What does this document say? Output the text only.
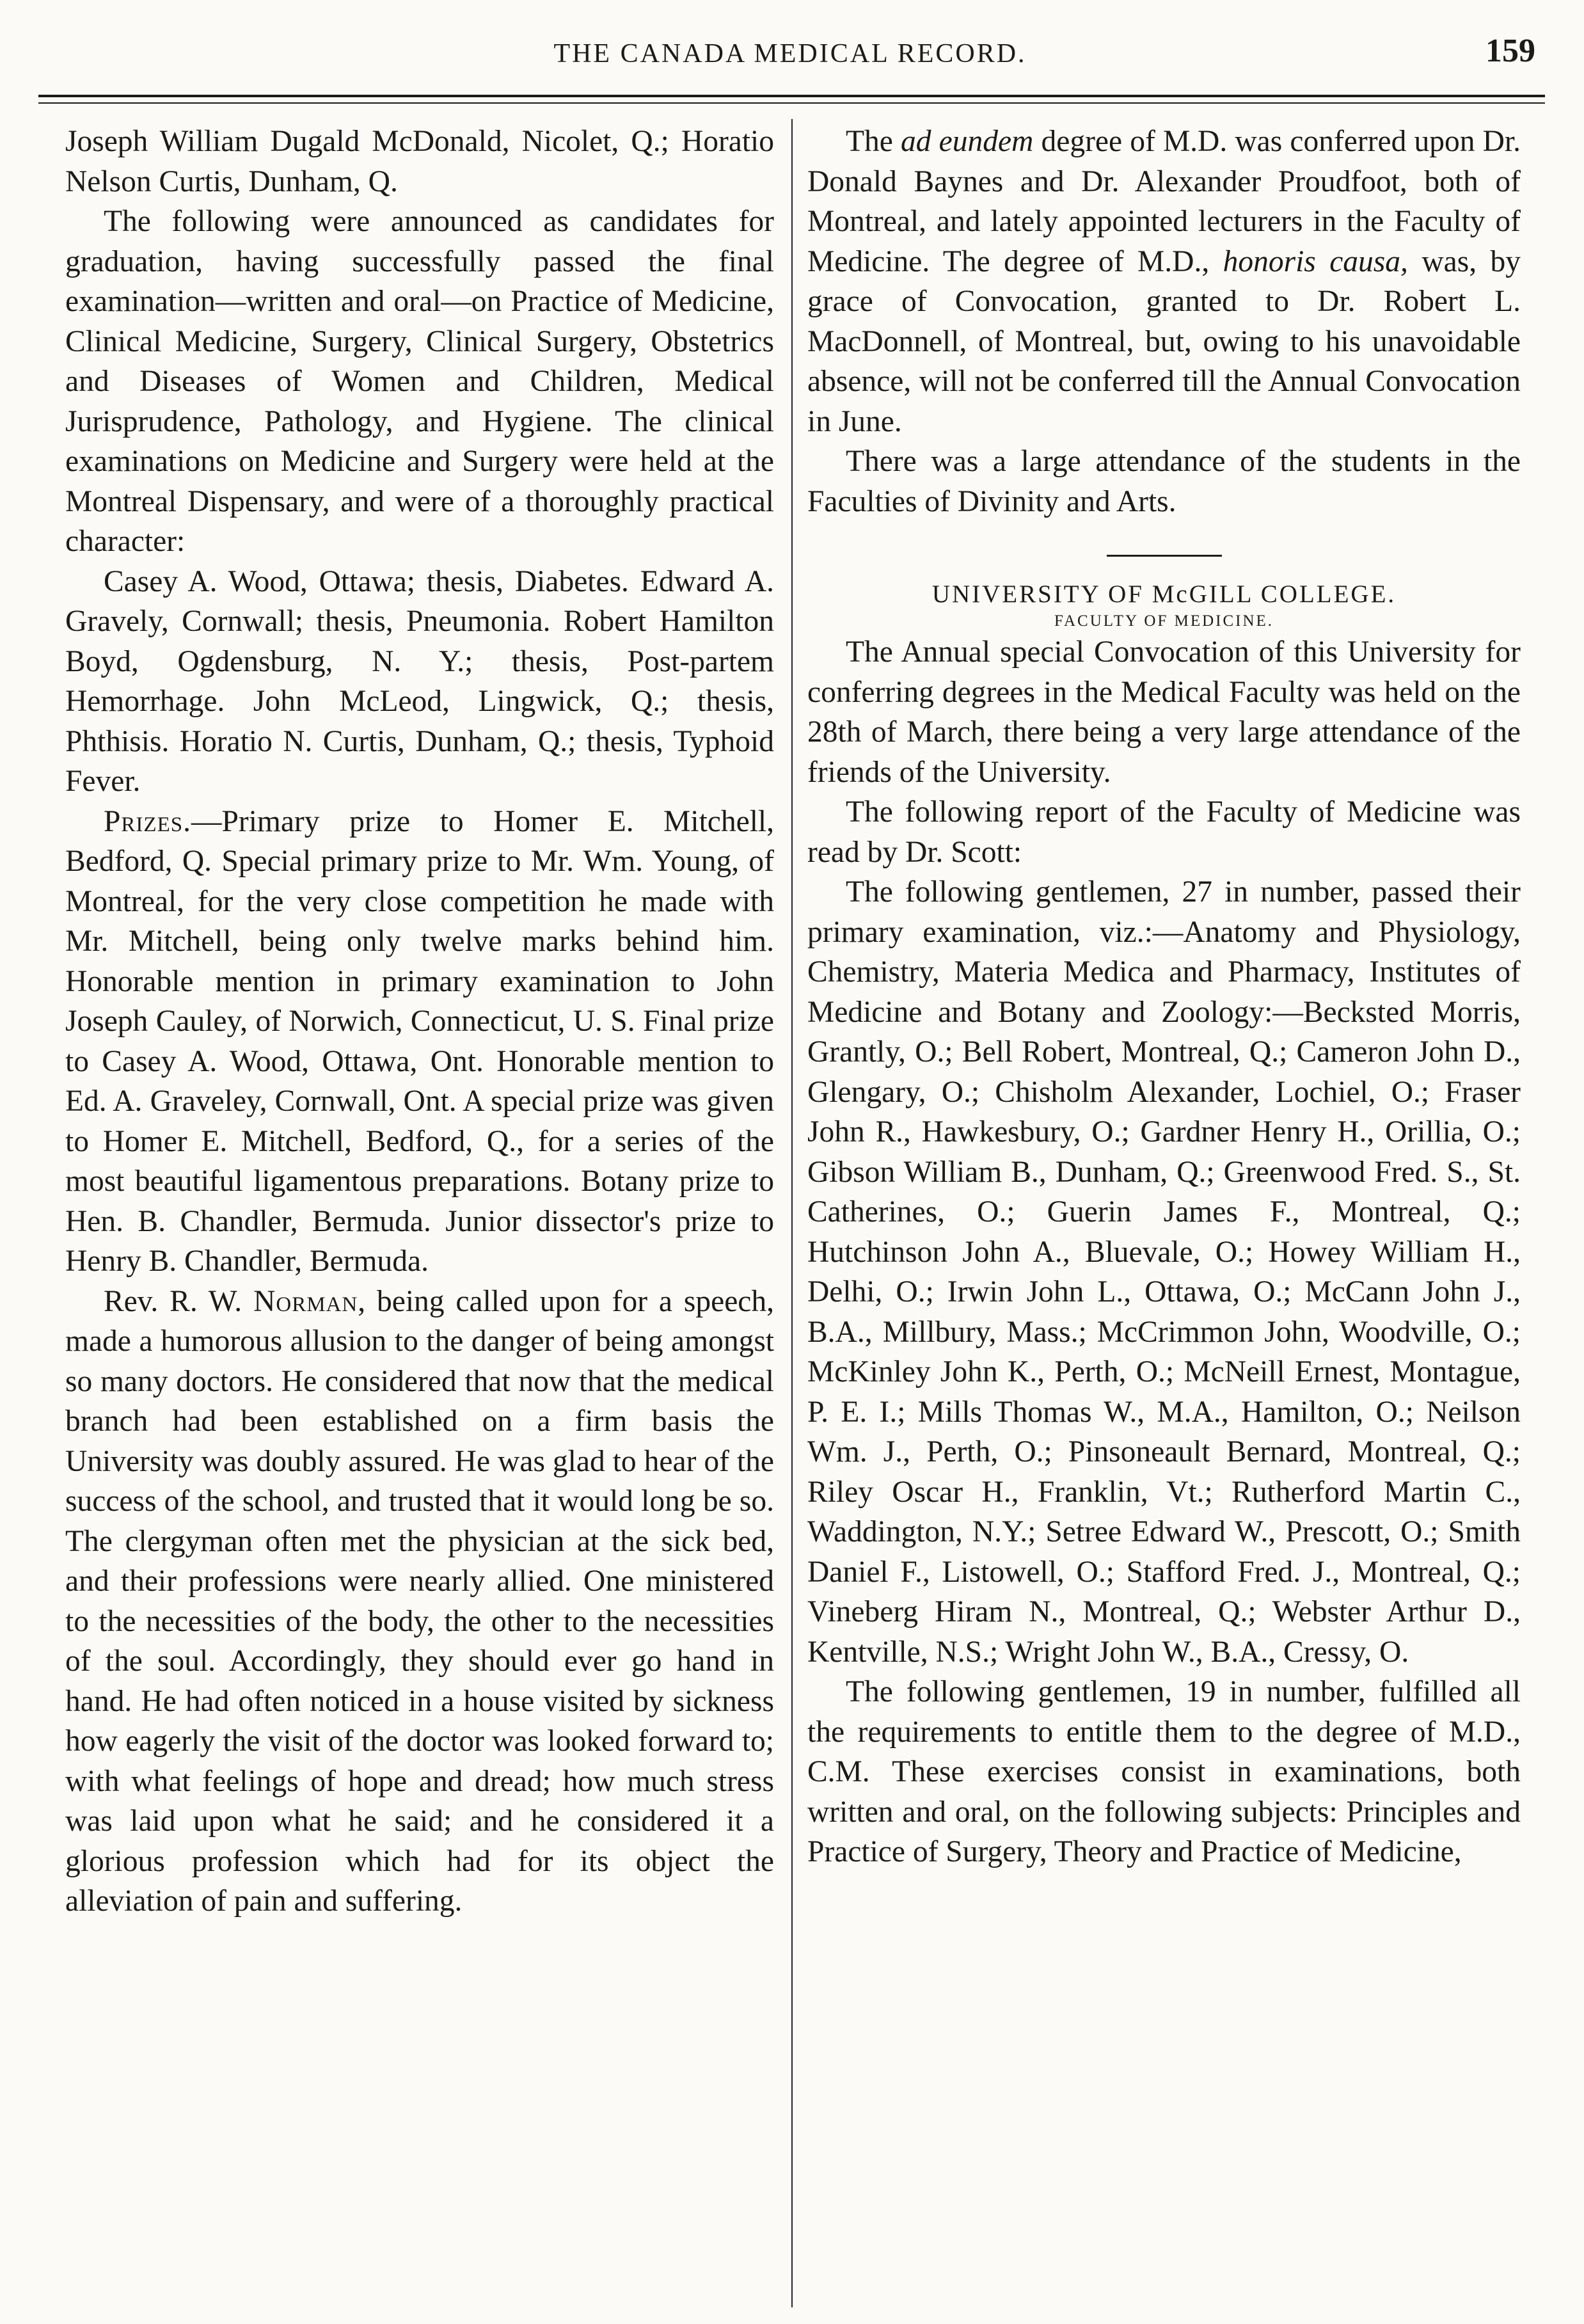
THE CANADA MEDICAL RECORD.	159

Joseph William Dugald McDonald, Nicolet, Q.; Horatio Nelson Curtis, Dunham, Q.

The following were announced as candidates for graduation, having successfully passed the final examination—written and oral—on Practice of Medicine, Clinical Medicine, Surgery, Clinical Surgery, Obstetrics and Diseases of Women and Children, Medical Jurisprudence, Pathology, and Hygiene. The clinical examinations on Medicine and Surgery were held at the Montreal Dispensary, and were of a thoroughly practical character:

Casey A. Wood, Ottawa; thesis, Diabetes. Edward A. Gravely, Cornwall; thesis, Pneumonia. Robert Hamilton Boyd, Ogdensburg, N. Y.; thesis, Post-partem Hemorrhage. John McLeod, Lingwick, Q.; thesis, Phthisis. Horatio N. Curtis, Dunham, Q.; thesis, Typhoid Fever.

Prizes.—Primary prize to Homer E. Mitchell, Bedford, Q. Special primary prize to Mr. Wm. Young, of Montreal, for the very close competition he made with Mr. Mitchell, being only twelve marks behind him. Honorable mention in primary examination to John Joseph Cauley, of Norwich, Connecticut, U. S. Final prize to Casey A. Wood, Ottawa, Ont. Honorable mention to Ed. A. Graveley, Cornwall, Ont. A special prize was given to Homer E. Mitchell, Bedford, Q., for a series of the most beautiful ligamentous preparations. Botany prize to Hen. B. Chandler, Bermuda. Junior dissector's prize to Henry B. Chandler, Bermuda.

Rev. R. W. Norman, being called upon for a speech, made a humorous allusion to the danger of being amongst so many doctors. He considered that now that the medical branch had been established on a firm basis the University was doubly assured. He was glad to hear of the success of the school, and trusted that it would long be so. The clergyman often met the physician at the sick bed, and their professions were nearly allied. One ministered to the necessities of the body, the other to the necessities of the soul. Accordingly, they should ever go hand in hand. He had often noticed in a house visited by sickness how eagerly the visit of the doctor was looked forward to; with what feelings of hope and dread; how much stress was laid upon what he said; and he considered it a glorious profession which had for its object the alleviation of pain and suffering.

The ad eundem degree of M.D. was conferred upon Dr. Donald Baynes and Dr. Alexander Proudfoot, both of Montreal, and lately appointed lecturers in the Faculty of Medicine. The degree of M.D., honoris causa, was, by grace of Convocation, granted to Dr. Robert L. MacDonnell, of Montreal, but, owing to his unavoidable absence, will not be conferred till the Annual Convocation in June.

There was a large attendance of the students in the Faculties of Divinity and Arts.

UNIVERSITY OF McGILL COLLEGE.

FACULTY OF MEDICINE.

The Annual special Convocation of this University for conferring degrees in the Medical Faculty was held on the 28th of March, there being a very large attendance of the friends of the University.

The following report of the Faculty of Medicine was read by Dr. Scott:

The following gentlemen, 27 in number, passed their primary examination, viz.:—Anatomy and Physiology, Chemistry, Materia Medica and Pharmacy, Institutes of Medicine and Botany and Zoology:—Becksted Morris, Grantly, O.; Bell Robert, Montreal, Q.; Cameron John D., Glengary, O.; Chisholm Alexander, Lochiel, O.; Fraser John R., Hawkesbury, O.; Gardner Henry H., Orillia, O.; Gibson William B., Dunham, Q.; Greenwood Fred. S., St. Catherines, O.; Guerin James F., Montreal, Q.; Hutchinson John A., Bluevale, O.; Howey William H., Delhi, O.; Irwin John L., Ottawa, O.; McCann John J., B.A., Millbury, Mass.; McCrimmon John, Woodville, O.; McKinley John K., Perth, O.; McNeill Ernest, Montague, P. E. I.; Mills Thomas W., M.A., Hamilton, O.; Neilson Wm. J., Perth, O.; Pinsoneault Bernard, Montreal, Q.; Riley Oscar H., Franklin, Vt.; Rutherford Martin C., Waddington, N.Y.; Setree Edward W., Prescott, O.; Smith Daniel F., Listowell, O.; Stafford Fred. J., Montreal, Q.; Vineberg Hiram N., Montreal, Q.; Webster Arthur D., Kentville, N.S.; Wright John W., B.A., Cressy, O.

The following gentlemen, 19 in number, fulfilled all the requirements to entitle them to the degree of M.D., C.M. These exercises consist in examinations, both written and oral, on the following subjects: Principles and Practice of Surgery, Theory and Practice of Medicine,
